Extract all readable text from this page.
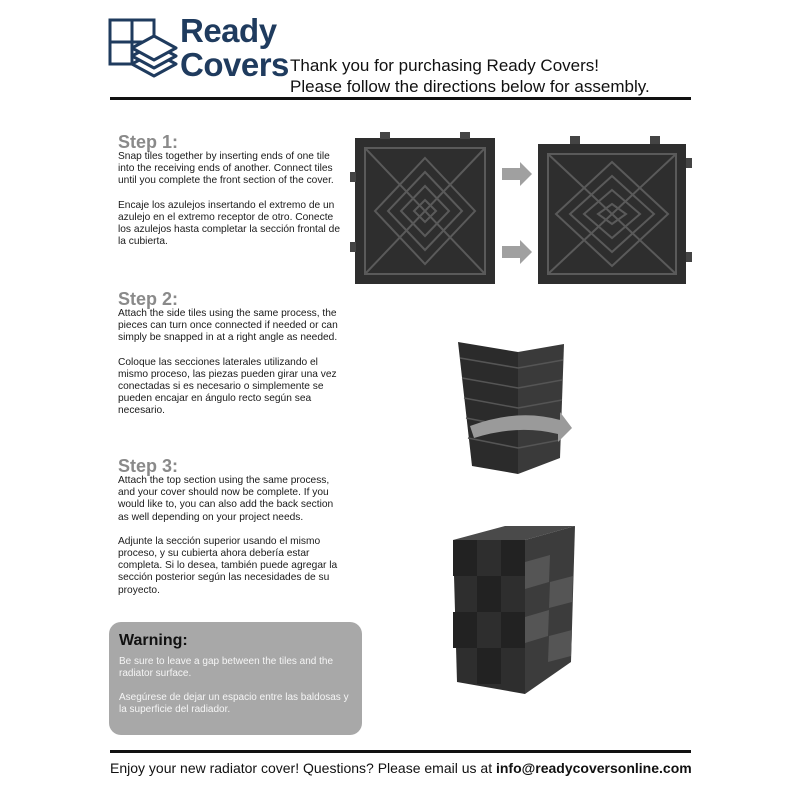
Ready
Covers Thank you for purchasing Ready Covers!
Please follow the directions below for assembly.
Step 1:

Snap tiles together by inserting ends of one tile into the receiving ends of another. Connect tiles until you complete the front section of the cover.

Encaje los azulejos insertando el extremo de un azulejo en el extremo receptor de otro. Conecte los azulejos hasta completar la sección frontal de la cubierta.

Step 2:

Attach the side tiles using the same process, the pieces can turn once connected if needed or can simply be snapped in at a right angle as needed.

Coloque las secciones laterales utilizando el mismo proceso, las piezas pueden girar una vez conectadas si es necesario o simplemente se pueden encajar en ángulo recto según sea necesario.

Step 3:

Attach the top section using the same process, and your cover should now be complete. If you would like to, you can also add the back section as well depending on your project needs.

Adjunte la sección superior usando el mismo proceso, y su cubierta ahora debería estar completa. Si lo desea, también puede agregar la sección posterior según las necesidades de su proyecto.

Warning:

Be sure to leave a gap between the tiles and the radiator surface.

Asegúrese de dejar un espacio entre las baldosas y la superficie del radiador.

Enjoy your new radiator cover! Questions? Please email us at info@readycoversonline.com
